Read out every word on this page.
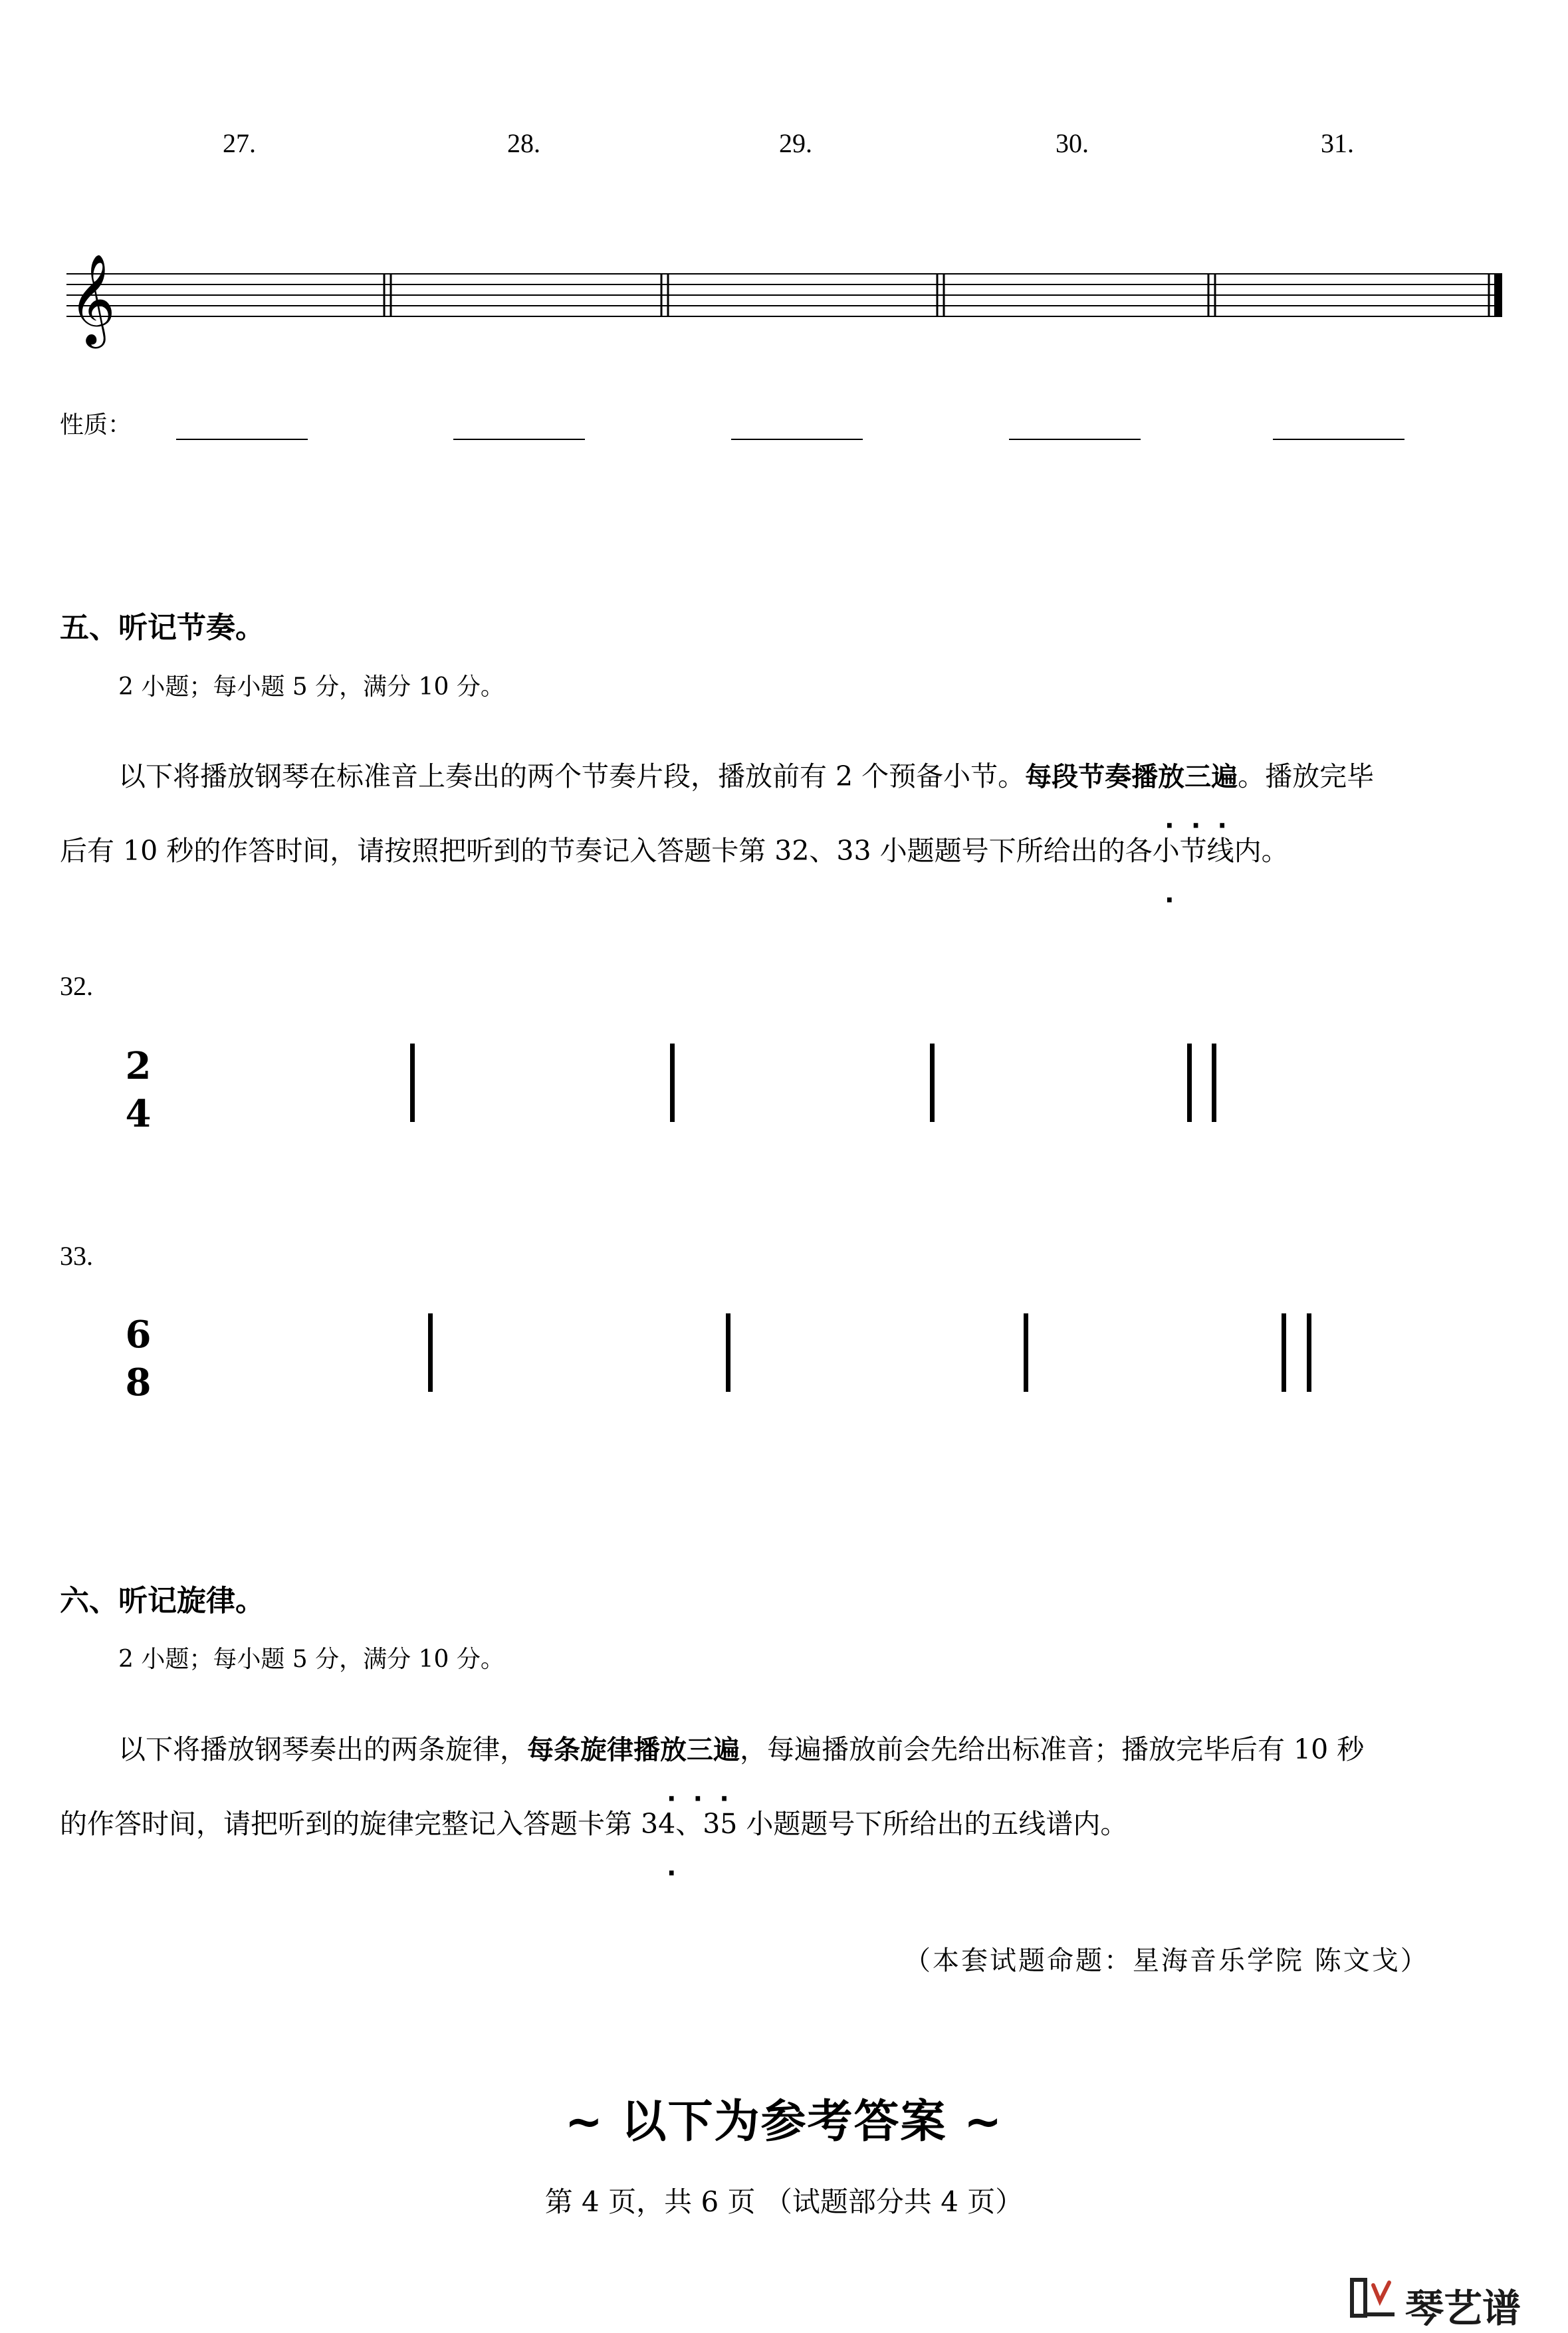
27.	28.	29.	30.	31.
𝄞
性质：
五、听记节奏。
2 小题；每小题 5 分，满分 10 分。
以下将播放钢琴在标准音上奏出的两个节奏片段，播放前有 2 个预备小节。每段节奏播放三遍 · · · ·。播放完毕
后有 10 秒的作答时间，请按照把听到的节奏记入答题卡第 32、33 小题题号下所给出的各小节线内。
32.
2
4
33.
6
8
六、听记旋律。
2 小题；每小题 5 分，满分 10 分。
以下将播放钢琴奏出的两条旋律，每条旋律播放三遍 · · · ·，每遍播放前会先给出标准音；播放完毕后有 10 秒
的作答时间，请把听到的旋律完整记入答题卡第 34、35 小题题号下所给出的五线谱内。
（本套试题命题：星海音乐学院 陈文戈）
~ 以下为参考答案 ~
第 4 页，共 6 页 （试题部分共 4 页）
琴艺谱
